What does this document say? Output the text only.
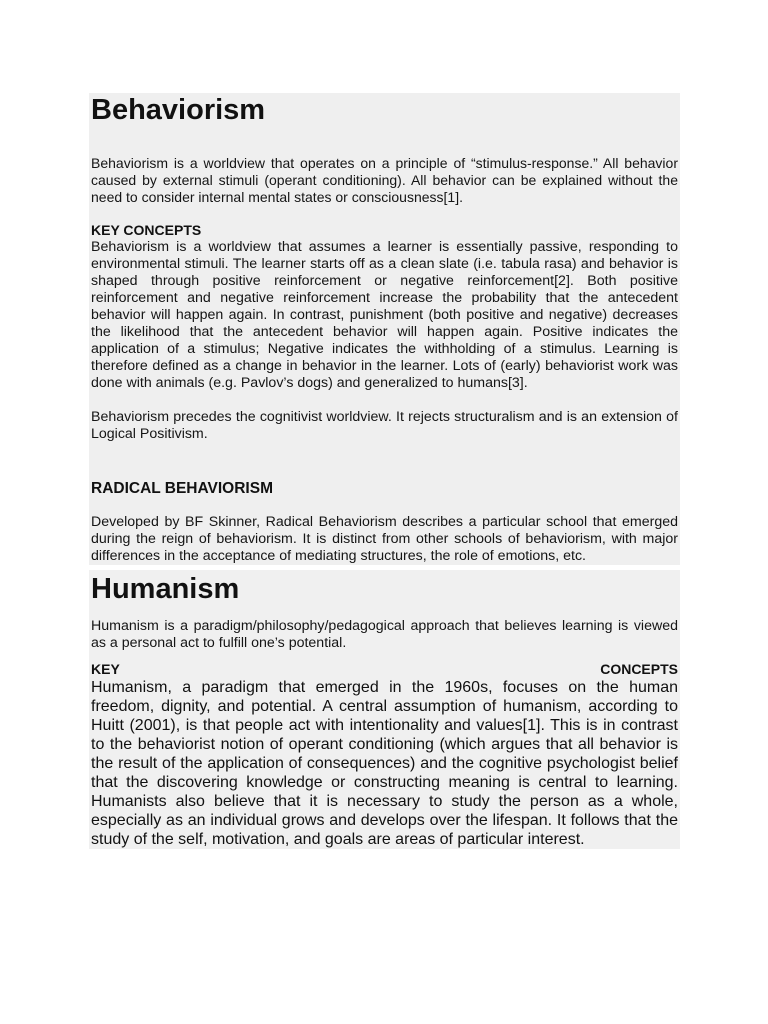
Behaviorism

Behaviorism is a worldview that operates on a principle of “stimulus-response.” All behavior caused by external stimuli (operant conditioning). All behavior can be explained without the need to consider internal mental states or consciousness[1].

KEY CONCEPTS

Behaviorism is a worldview that assumes a learner is essentially passive, responding to environmental stimuli. The learner starts off as a clean slate (i.e. tabula rasa) and behavior is shaped through positive reinforcement or negative reinforcement[2]. Both positive reinforcement and negative reinforcement increase the probability that the antecedent behavior will happen again. In contrast, punishment (both positive and negative) decreases the likelihood that the antecedent behavior will happen again. Positive indicates the application of a stimulus; Negative indicates the withholding of a stimulus. Learning is therefore defined as a change in behavior in the learner. Lots of (early) behaviorist work was done with animals (e.g. Pavlov’s dogs) and generalized to humans[3].

Behaviorism precedes the cognitivist worldview. It rejects structuralism and is an extension of Logical Positivism.

RADICAL BEHAVIORISM

Developed by BF Skinner, Radical Behaviorism describes a particular school that emerged during the reign of behaviorism. It is distinct from other schools of behaviorism, with major differences in the acceptance of mediating structures, the role of emotions, etc.

Humanism

Humanism is a paradigm/philosophy/pedagogical approach that believes learning is viewed as a personal act to fulfill one’s potential.

KEY	CONCEPTS

Humanism, a paradigm that emerged in the 1960s, focuses on the human freedom, dignity, and potential. A central assumption of humanism, according to Huitt (2001), is that people act with intentionality and values[1]. This is in contrast to the behaviorist notion of operant conditioning (which argues that all behavior is the result of the application of consequences) and the cognitive psychologist belief that the discovering knowledge or constructing meaning is central to learning. Humanists also believe that it is necessary to study the person as a whole, especially as an individual grows and develops over the lifespan. It follows that the study of the self, motivation, and goals are areas of particular interest.
